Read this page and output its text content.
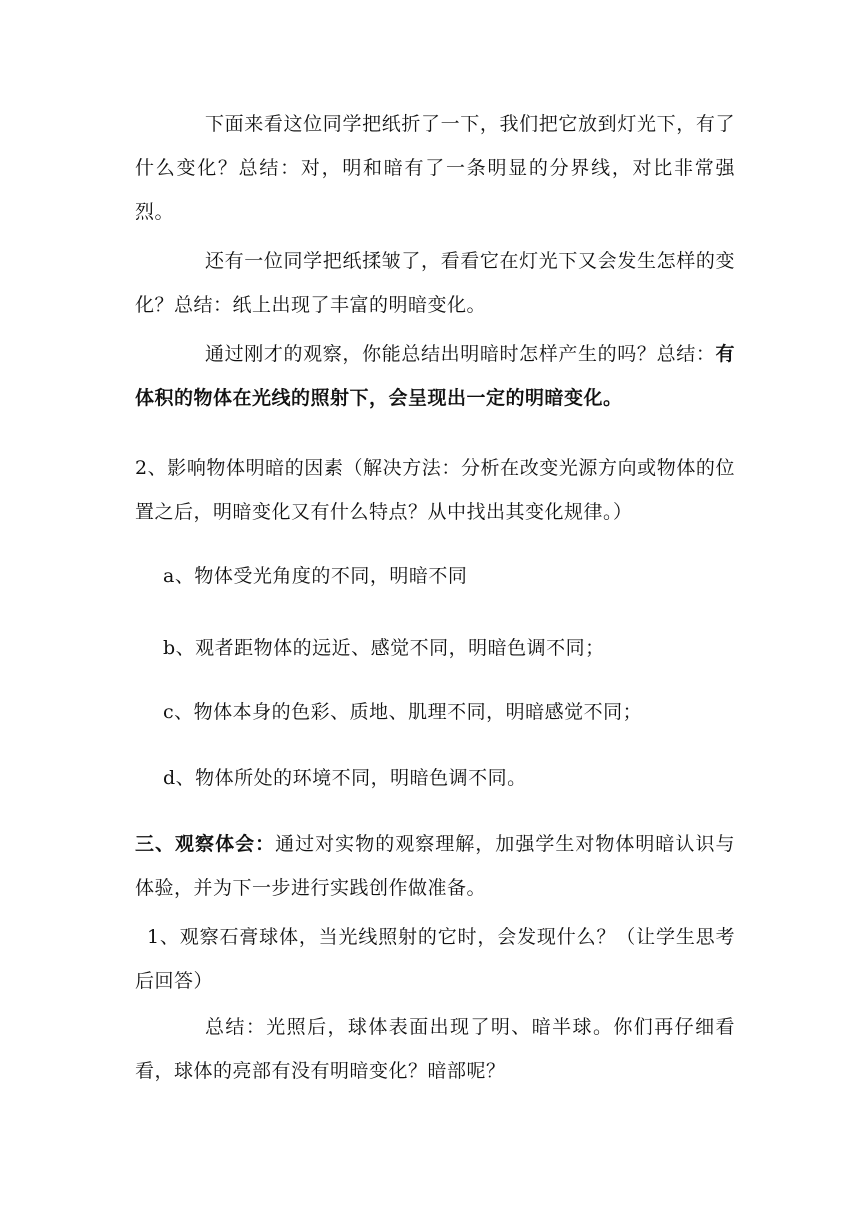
下面来看这位同学把纸折了一下，我们把它放到灯光下，有了什么变化？总结：对，明和暗有了一条明显的分界线，对比非常强烈。

还有一位同学把纸揉皱了，看看它在灯光下又会发生怎样的变化？总结：纸上出现了丰富的明暗变化。

通过刚才的观察，你能总结出明暗时怎样产生的吗？总结：有体积的物体在光线的照射下，会呈现出一定的明暗变化。

2、影响物体明暗的因素（解决方法：分析在改变光源方向或物体的位置之后，明暗变化又有什么特点？从中找出其变化规律。）

a、物体受光角度的不同，明暗不同

b、观者距物体的远近、感觉不同，明暗色调不同；

c、物体本身的色彩、质地、肌理不同，明暗感觉不同；

d、物体所处的环境不同，明暗色调不同。

三、观察体会：通过对实物的观察理解，加强学生对物体明暗认识与体验，并为下一步进行实践创作做准备。

1、观察石膏球体，当光线照射的它时，会发现什么？（让学生思考后回答）

总结：光照后，球体表面出现了明、暗半球。你们再仔细看看，球体的亮部有没有明暗变化？暗部呢？
